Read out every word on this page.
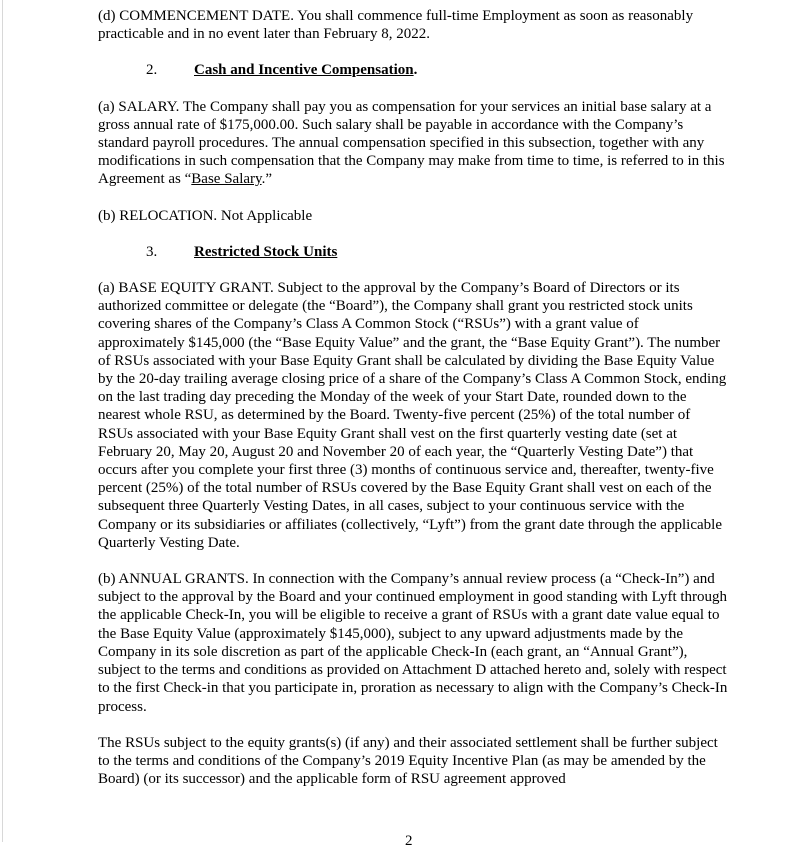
(d) COMMENCEMENT DATE. You shall commence full-time Employment as soon as reasonably practicable and in no event later than February 8, 2022.

2.	Cash and Incentive Compensation .

(a) SALARY. The Company shall pay you as compensation for your services an initial base salary at a gross annual rate of $175,000.00. Such salary shall be payable in accordance with the Company’s standard payroll procedures. The annual compensation specified in this subsection, together with any modifications in such compensation that the Company may make from time to time, is referred to in this Agreement as “Base Salary.”

(b) RELOCATION. Not Applicable

3.	Restricted Stock Units

(a) BASE EQUITY GRANT. Subject to the approval by the Company’s Board of Directors or its authorized committee or delegate (the “Board”), the Company shall grant you restricted stock units covering shares of the Company’s Class A Common Stock (“RSUs”) with a grant value of approximately $145,000 (the “Base Equity Value” and the grant, the “Base Equity Grant”). The number of RSUs associated with your Base Equity Grant shall be calculated by dividing the Base Equity Value by the 20-day trailing average closing price of a share of the Company’s Class A Common Stock, ending on the last trading day preceding the Monday of the week of your Start Date, rounded down to the nearest whole RSU, as determined by the Board. Twenty-five percent (25%) of the total number of RSUs associated with your Base Equity Grant shall vest on the first quarterly vesting date (set at February 20, May 20, August 20 and November 20 of each year, the “Quarterly Vesting Date”) that occurs after you complete your first three (3) months of continuous service and, thereafter, twenty-five percent (25%) of the total number of RSUs covered by the Base Equity Grant shall vest on each of the subsequent three Quarterly Vesting Dates, in all cases, subject to your continuous service with the Company or its subsidiaries or affiliates (collectively, “Lyft”) from the grant date through the applicable Quarterly Vesting Date.

(b) ANNUAL GRANTS. In connection with the Company’s annual review process (a “Check-In”) and subject to the approval by the Board and your continued employment in good standing with Lyft through the applicable Check-In, you will be eligible to receive a grant of RSUs with a grant date value equal to the Base Equity Value (approximately $145,000), subject to any upward adjustments made by the Company in its sole discretion as part of the applicable Check-In (each grant, an “Annual Grant”), subject to the terms and conditions as provided on Attachment D attached hereto and, solely with respect to the first Check-in that you participate in, proration as necessary to align with the Company’s Check-In process.

The RSUs subject to the equity grants(s) (if any) and their associated settlement shall be further subject to the terms and conditions of the Company’s 2019 Equity Incentive Plan (as may be amended by the Board) (or its successor) and the applicable form of RSU agreement approved

2
